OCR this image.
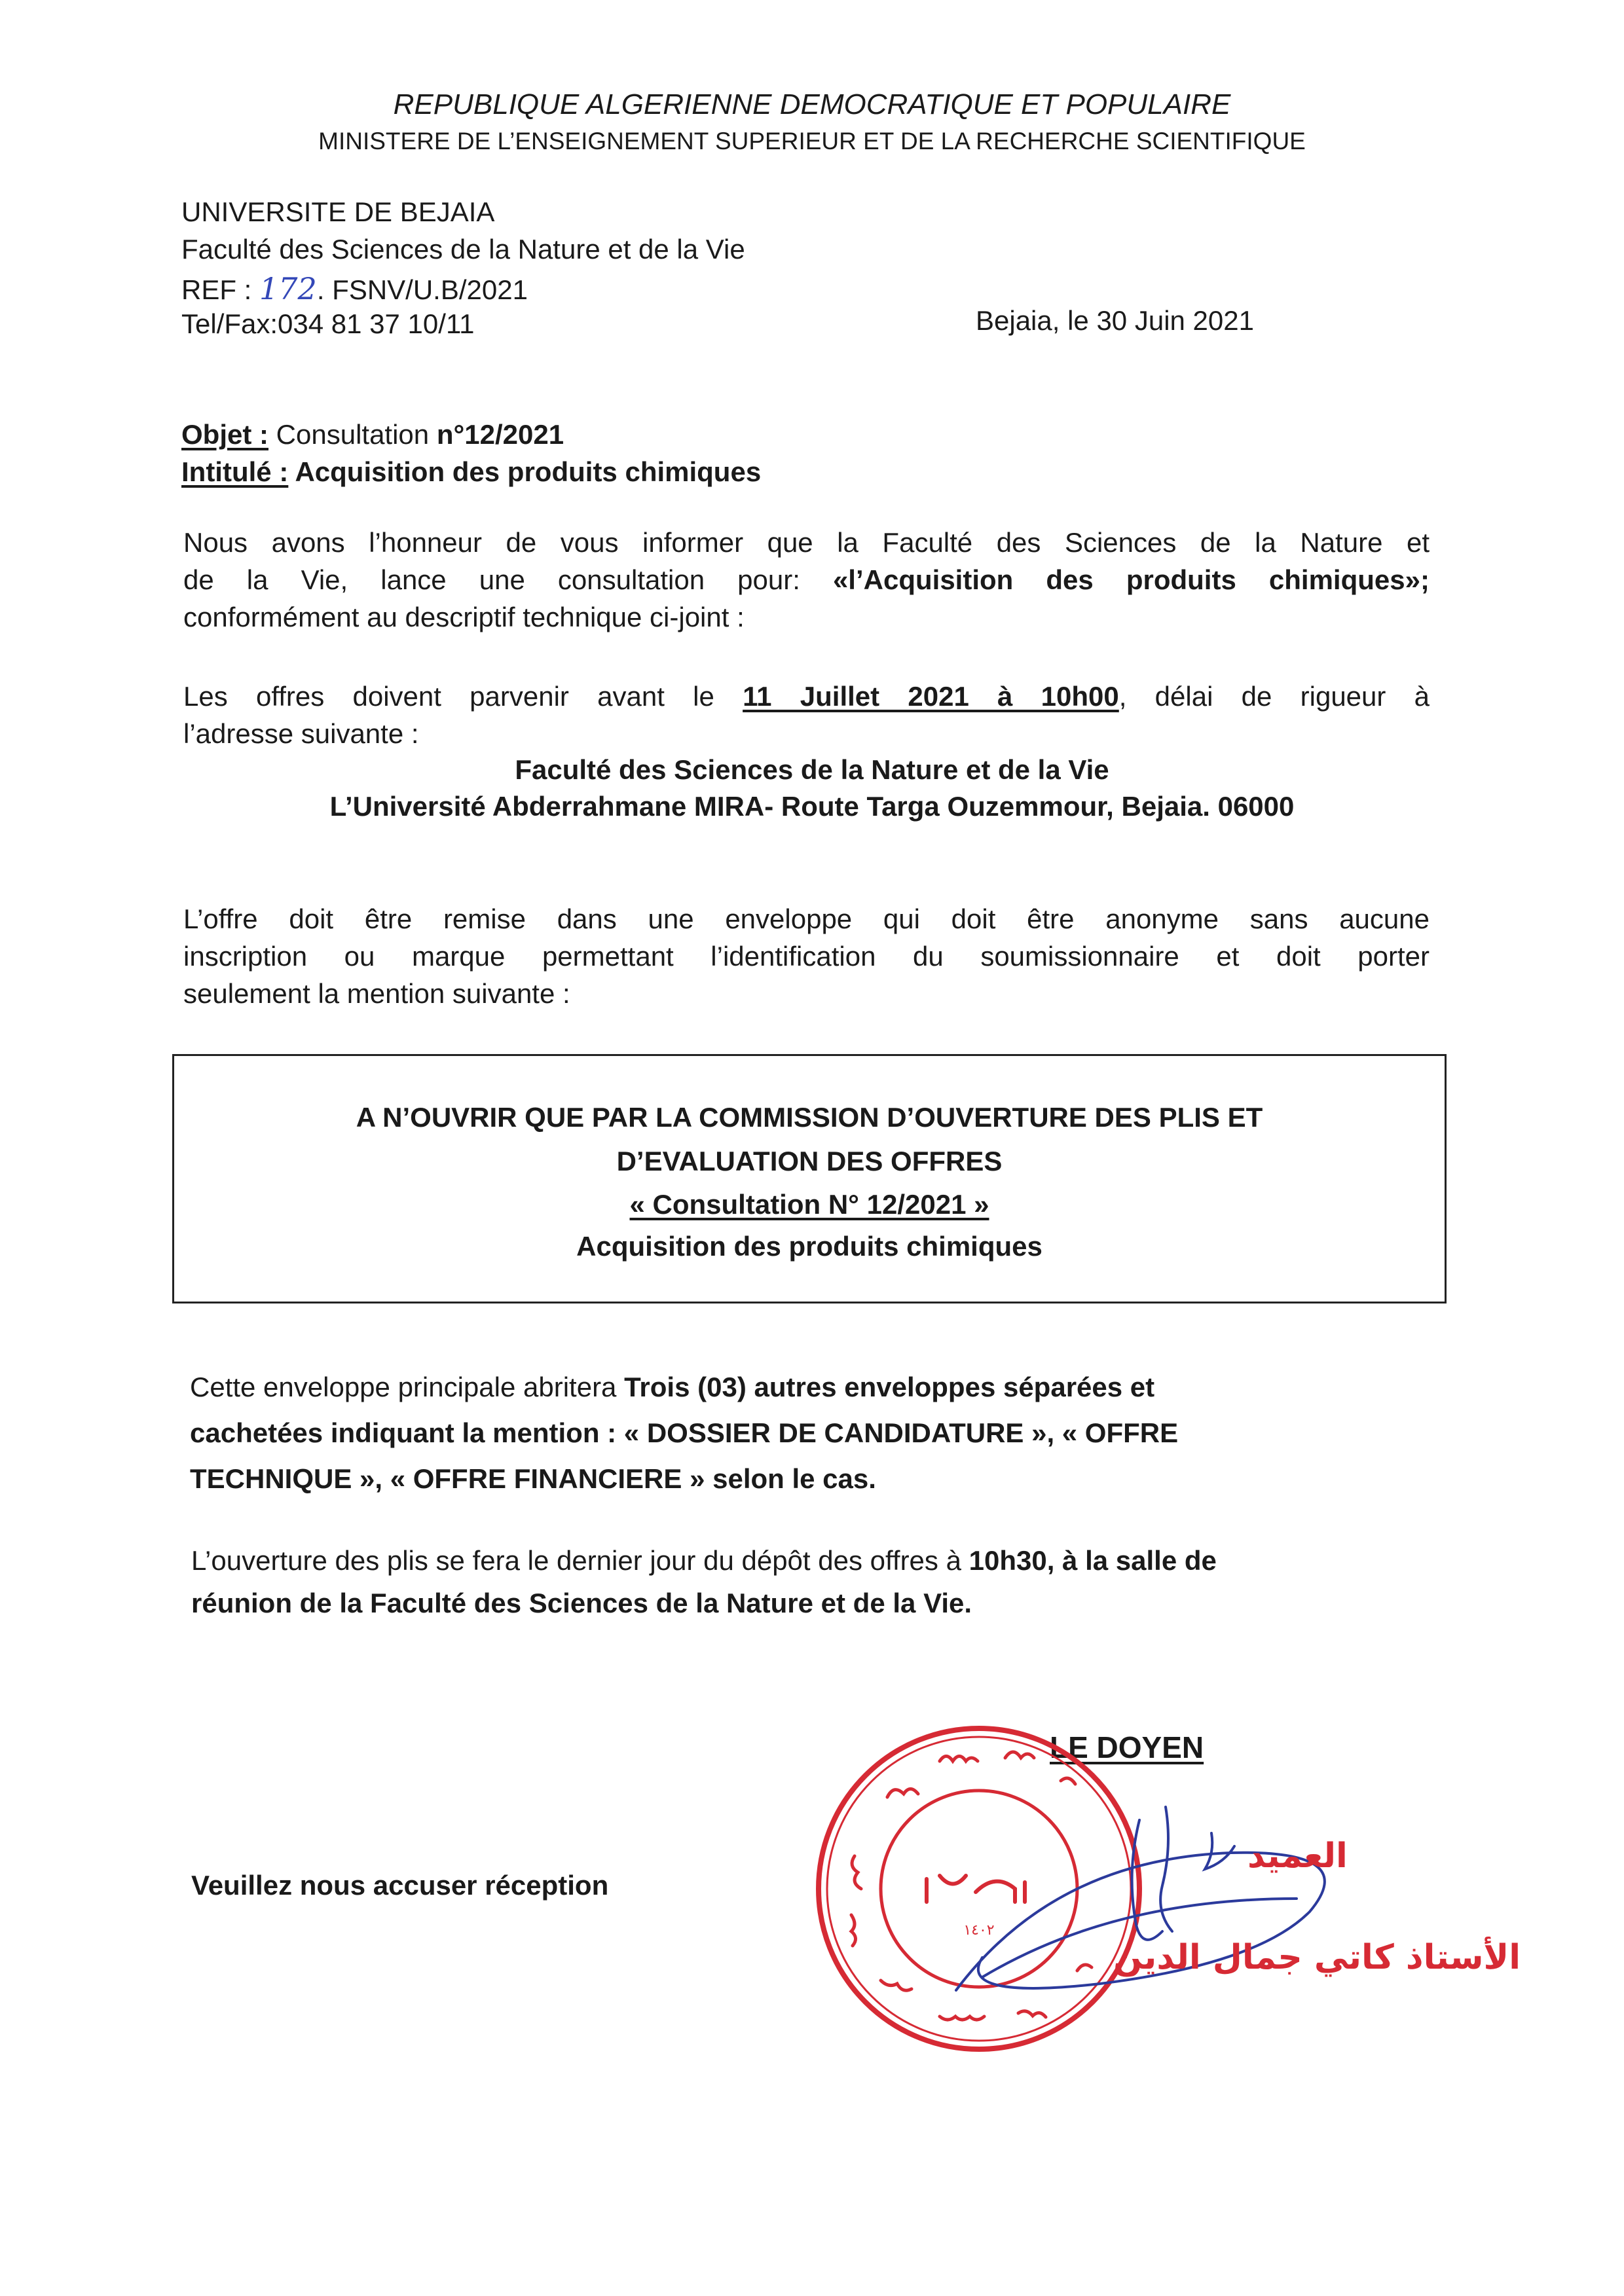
REPUBLIQUE ALGERIENNE DEMOCRATIQUE ET POPULAIRE
MINISTERE DE L’ENSEIGNEMENT SUPERIEUR ET DE LA RECHERCHE SCIENTIFIQUE
UNIVERSITE DE BEJAIA
Faculté des Sciences de la Nature et de la Vie
REF : 172. FSNV/U.B/2021
Tel/Fax:034 81 37 10/11	Bejaia, le 30 Juin 2021
Objet : Consultation n°12/2021
Intitulé : Acquisition des produits chimiques
Nous avons l’honneur de vous informer que la Faculté des Sciences de la Nature et
de la Vie, lance une consultation pour: «l’Acquisition des produits chimiques»;
conformément au descriptif technique ci-joint :
Les offres doivent parvenir avant le 11 Juillet 2021 à 10h00, délai de rigueur à
l’adresse suivante :
Faculté des Sciences de la Nature et de la Vie
L’Université Abderrahmane MIRA- Route Targa Ouzemmour, Bejaia. 06000
L’offre doit être remise dans une enveloppe qui doit être anonyme sans aucune
inscription ou marque permettant l’identification du soumissionnaire et doit porter
seulement la mention suivante :
A N’OUVRIR QUE PAR LA COMMISSION D’OUVERTURE DES PLIS ET
D’EVALUATION DES OFFRES
« Consultation N° 12/2021 »
Acquisition des produits chimiques
Cette enveloppe principale abritera Trois (03) autres enveloppes séparées et
cachetées indiquant la mention : « DOSSIER DE CANDIDATURE », « OFFRE
TECHNIQUE », « OFFRE FINANCIERE » selon le cas.
L’ouverture des plis se fera le dernier jour du dépôt des offres à 10h30, à la salle de
réunion de la Faculté des Sciences de la Nature et de la Vie.
Veuillez nous accuser réception
LE DOYEN
١٤٠٢
العميد
الأستاذ كاتي جمال الدين
